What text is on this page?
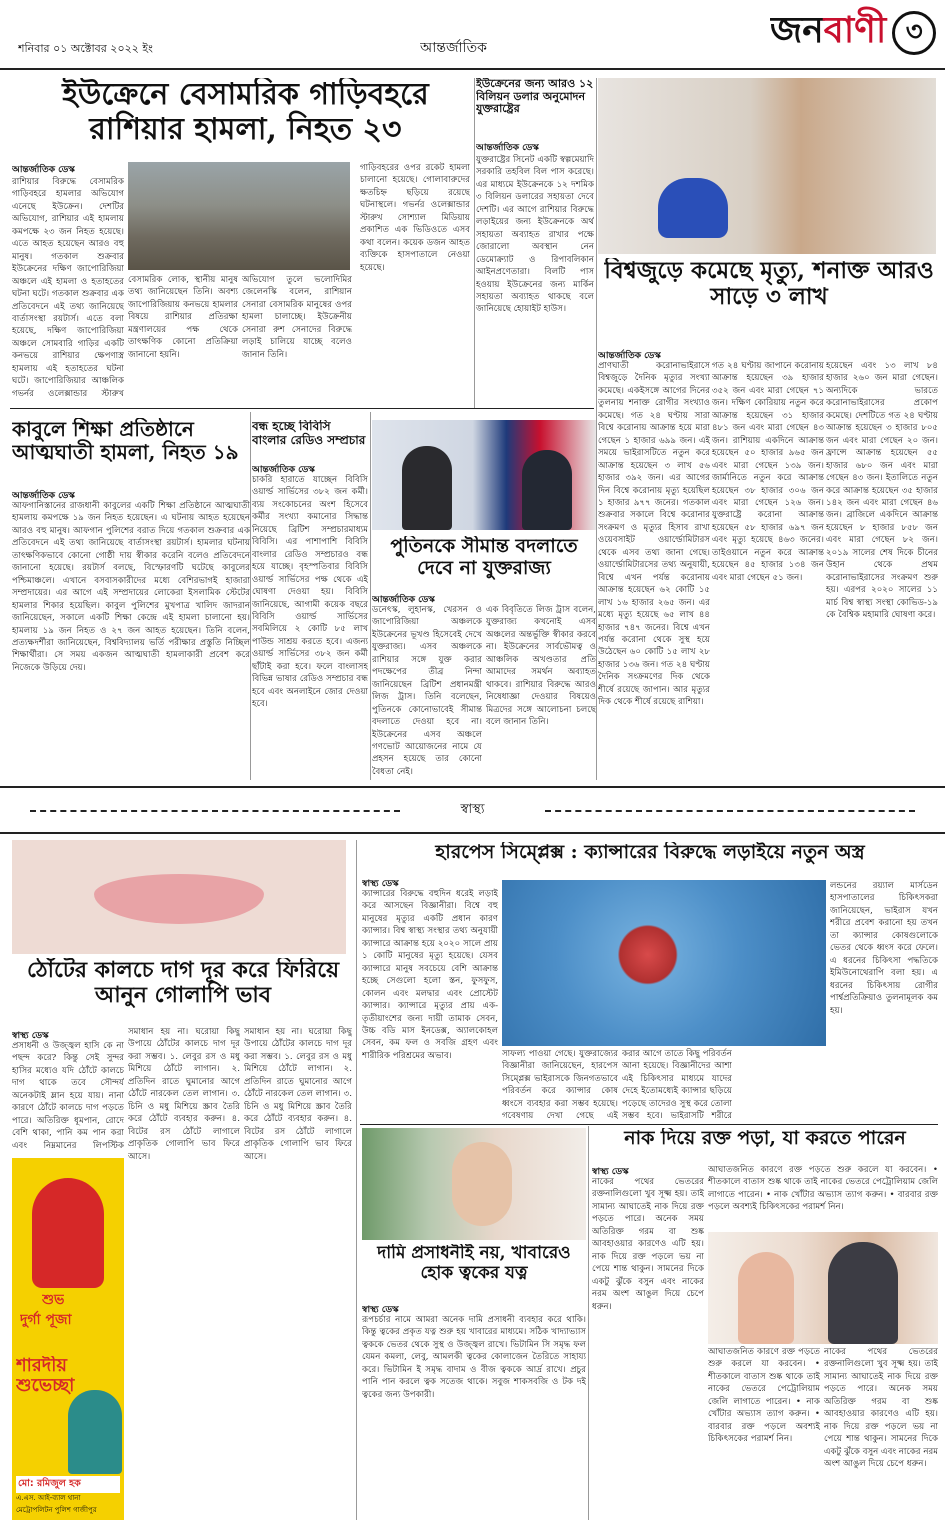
শনিবার ০১ অক্টোবর ২০২২ ইং	আন্তর্জাতিক	জন বাণী ৩
ইউক্রেনে বেসামরিক গাড়িবহরে রাশিয়ার হামলা, নিহত ২৩
আন্তর্জাতিক ডেস্ক
রাশিয়ার বিরুদ্ধে বেসামরিক গাড়িবহরে হামলার অভিযোগ এনেছে ইউক্রেন। দেশটির অভিযোগ, রাশিয়ার এই হামলায় কমপক্ষে ২৩ জন নিহত হয়েছে। এতে আহত হয়েছেন আরও বহু মানুষ। গতকাল শুক্রবার ইউক্রেনের দক্ষিণ জাপোরিজিয়া অঞ্চলে এই হামলা ও হতাহতের ঘটনা ঘটে। গতকাল শুক্রবার এক প্রতিবেদনে এই তথ্য জানিয়েছে বার্তাসংস্থা রয়টার্স। এতে বলা হয়েছে, দক্ষিণ জাপোরিজিয়া অঞ্চলে সোমবারি গাড়ির একটি কনভয়ে রাশিয়ার ক্ষেপণাস্ত্র হামলায় এই হতাহতের ঘটনা ঘটে। জাপোরিজিয়ার আঞ্চলিক গভর্নর ওলেক্সান্ডার স্টারুখ
বেসামরিক লোক, স্থানীয় মানুষ তথ্য জানিয়েছেন তিনি। অবশ্য জাপোরিজিয়ায় কনভয়ে হামলার বিষয়ে রাশিয়ার প্রতিরক্ষা মন্ত্রণালয়ের পক্ষ থেকে তাৎক্ষণিক কোনো প্রতিক্রিয়া জানানো হয়নি।
অভিযোগ তুলে ভলোদিমির জেলেনস্কি বলেন, রাশিয়ান সেনারা বেসামরিক মানুষের ওপর হামলা চালাচ্ছে। ইউক্রেনীয় সেনারা রুশ সেনাদের বিরুদ্ধে লড়াই চালিয়ে যাচ্ছে বলেও জানান তিনি।
গাড়িবহরের ওপর রকেট হামলা চালানো হয়েছে। গোলাবারুদের ক্ষতচিহ্ন ছড়িয়ে রয়েছে ঘটনাস্থলে। গভর্নর ওলেক্সান্ডার স্টারুখ সোশ্যাল মিডিয়ায় প্রকাশিত এক ভিডিওতে এসব কথা বলেন। কয়েক ডজন আহত ব্যক্তিকে হাসপাতালে নেওয়া হয়েছে।
ইউক্রেনের জন্য আরও ১২ বিলিয়ন ডলার অনুমোদন যুক্তরাষ্ট্রের
আন্তর্জাতিক ডেস্ক
যুক্তরাষ্ট্রের সিনেট একটি স্বল্পমেয়াদি সরকারি তহবিল বিল পাস করেছে। এর মাধ্যমে ইউক্রেনকে ১২ দশমিক ৩ বিলিয়ন ডলারের সহায়তা দেবে দেশটি। এর আগে রাশিয়ার বিরুদ্ধে লড়াইয়ের জন্য ইউক্রেনকে অর্থ সহায়তা অব্যাহত রাখার পক্ষে জোরালো অবস্থান নেন ডেমোক্র্যাট ও রিপাবলিকান আইনপ্রণেতারা। বিলটি পাস হওয়ায় ইউক্রেনের জন্য মার্কিন সহায়তা অব্যাহত থাকছে বলে জানিয়েছে হোয়াইট হাউস।
বিশ্বজুড়ে কমেছে মৃত্যু, শনাক্ত আরও সাড়ে ৩ লাখ
আন্তর্জাতিক ডেস্ক
প্রাণঘাতী করোনাভাইরাসে বিশ্বজুড়ে দৈনিক মৃত্যুর সংখ্যা কমেছে। একইসঙ্গে আগের দিনের তুলনায় শনাক্ত রোগীর সংখ্যাও কমেছে। গত ২৪ ঘণ্টায় সারা বিশ্বে করোনায় আক্রান্ত হয়ে মারা গেছেন ১ হাজার ৬৯৯ জন। এই সময়ে ভাইরাসটিতে নতুন করে আক্রান্ত হয়েছেন ৩ লাখ ৫৬ হাজার ৩৯২ জন। এর আগের দিন বিশ্বে করোনায় মৃত্যু হয়েছিল ১ হাজার ৯৭৭ জনের। গতকাল শুক্রবার সকালে বিশ্বে করোনার সংক্রমণ ও মৃত্যুর হিসাব রাখা ওয়েবসাইট ওয়ার্ল্ডোমিটারস থেকে এসব তথ্য জানা গেছে। ওয়ার্ল্ডোমিটারসের তথ্য অনুযায়ী, বিশ্বে এখন পর্যন্ত করোনায় আক্রান্ত হয়েছেন ৬২ কোটি ১৫ লাখ ১৬ হাজার ২৬৫ জন। এর মধ্যে মৃত্যু হয়েছে ৬৫ লাখ ৪৪ হাজার ৭৪৭ জনের। বিশ্বে এখন পর্যন্ত করোনা থেকে সুস্থ হয়ে উঠেছেন ৬০ কোটি ১৫ লাখ ২৮ হাজার ১৩৬ জন। গত ২৪ ঘণ্টায় দৈনিক সংক্রমণের দিক থেকে শীর্ষে রয়েছে জাপান। আর মৃত্যুর দিক থেকে শীর্ষে রয়েছে রাশিয়া।
গত ২৪ ঘণ্টায় জাপানে করোনায় আক্রান্ত হয়েছেন ৩৯ হাজার ৩৫২ জন এবং মারা গেছেন ৭১ জন। দক্ষিণ কোরিয়ায় নতুন করে আক্রান্ত হয়েছেন ৩১ হাজার ৪৮১ জন এবং মারা গেছেন ৪৩ জন। রাশিয়ায় একদিনে আক্রান্ত হয়েছেন ৫০ হাজার ৯৬৫ জন এবং মারা গেছেন ১৩৯ জন। জার্মানিতে নতুন করে আক্রান্ত হয়েছেন ৩৮ হাজার ৩০৬ জন এবং মারা গেছেন ১২৬ জন। যুক্তরাষ্ট্রে করোনা আক্রান্ত হয়েছেন ৫৮ হাজার ৬৯৭ জন এবং মৃত্যু হয়েছে ৪৬৩ জনের। তাইওয়ানে নতুন করে আক্রান্ত হয়েছেন ৪৫ হাজার ১৩৪ জন এবং মারা গেছেন ৫১ জন।
হয়েছেন এবং ১৩ লাখ ৮৪ হাজার ২৬০ জন মারা গেছেন। অন্যদিকে ভারতে করোনাভাইরাসের প্রকোপ কমেছে। দেশটিতে গত ২৪ ঘণ্টায় আক্রান্ত হয়েছেন ৩ হাজার ৮০৫ জন এবং মারা গেছেন ২০ জন। ফ্রান্সে আক্রান্ত হয়েছেন ৫৫ হাজার ৬৮০ জন এবং মারা গেছেন ৪৩ জন। ইতালিতে নতুন করে আক্রান্ত হয়েছেন ৩৫ হাজার ১৪২ জন এবং মারা গেছেন ৪৬ জন। ব্রাজিলে একদিনে আক্রান্ত হয়েছেন ৮ হাজার ৮৫৮ জন এবং মারা গেছেন ৮২ জন। ২০১৯ সালের শেষ দিকে চীনের উহান থেকে প্রথম করোনাভাইরাসের সংক্রমণ শুরু হয়। এরপর ২০২০ সালের ১১ মার্চ বিশ্ব স্বাস্থ্য সংস্থা কোভিড-১৯ কে বৈশ্বিক মহামারি ঘোষণা করে।
কাবুলে শিক্ষা প্রতিষ্ঠানে আত্মঘাতী হামলা, নিহত ১৯
আন্তর্জাতিক ডেস্ক
আফগানিস্তানের রাজধানী কাবুলের একটি শিক্ষা প্রতিষ্ঠানে আত্মঘাতী হামলায় কমপক্ষে ১৯ জন নিহত হয়েছেন। এ ঘটনায় আহত হয়েছেন আরও বহু মানুষ। আফগান পুলিশের বরাত দিয়ে গতকাল শুক্রবার এক প্রতিবেদনে এই তথ্য জানিয়েছে বার্তাসংস্থা রয়টার্স। হামলার ঘটনায় তাৎক্ষণিকভাবে কোনো গোষ্ঠী দায় স্বীকার করেনি বলেও প্রতিবেদনে জানানো হয়েছে। রয়টার্স বলছে, বিস্ফোরণটি ঘটেছে কাবুলের পশ্চিমাঞ্চলে। এখানে বসবাসকারীদের মধ্যে বেশিরভাগই হাজারা সম্প্রদায়ের। এর আগে এই সম্প্রদায়ের লোকেরা ইসলামিক স্টেটের হামলার শিকার হয়েছিল। কাবুল পুলিশের মুখপাত্র খালিদ জাদরান জানিয়েছেন, সকালে একটি শিক্ষা কেন্দ্রে এই হামলা চালানো হয়। হামলায় ১৯ জন নিহত ও ২৭ জন আহত হয়েছেন। তিনি বলেন, প্রত্যক্ষদর্শীরা জানিয়েছেন, বিশ্ববিদ্যালয় ভর্তি পরীক্ষার প্রস্তুতি নিচ্ছিল শিক্ষার্থীরা। সে সময় একজন আত্মঘাতী হামলাকারী প্রবেশ করে নিজেকে উড়িয়ে দেয়।
বন্ধ হচ্ছে বিবিসি বাংলার রেডিও সম্প্রচার
আন্তর্জাতিক ডেস্ক
চাকরি হারাতে যাচ্ছেন বিবিসি ওয়ার্ল্ড সার্ভিসের ৩৮২ জন কর্মী। ব্যয় সংকোচনের অংশ হিসেবে কর্মীর সংখ্যা কমানোর সিদ্ধান্ত নিয়েছে ব্রিটিশ সম্প্রচারমাধ্যম বিবিসি। এর পাশাপাশি বিবিসি বাংলার রেডিও সম্প্রচারও বন্ধ হয়ে যাচ্ছে। বৃহস্পতিবার বিবিসি ওয়ার্ল্ড সার্ভিসের পক্ষ থেকে এই ঘোষণা দেওয়া হয়। বিবিসি জানিয়েছে, আগামী কয়েক বছরে বিবিসি ওয়ার্ল্ড সার্ভিসের সবমিলিয়ে ২ কোটি ৮৫ লাখ পাউন্ড সাশ্রয় করতে হবে। এজন্য ওয়ার্ল্ড সার্ভিসের ৩৮২ জন কর্মী ছাঁটাই করা হবে। ফলে বাংলাসহ বিভিন্ন ভাষার রেডিও সম্প্রচার বন্ধ হবে এবং অনলাইনে জোর দেওয়া হবে।
পুতিনকে সীমান্ত বদলাতে দেবে না যুক্তরাজ্য
আন্তর্জাতিক ডেস্ক
ডনেৎস্ক, লুহানস্ক, খেরসন ও জাপোরিজিয়া অঞ্চলকে ইউক্রেনের ভূখণ্ড হিসেবেই দেখে যুক্তরাজ্য। এসব অঞ্চলকে রাশিয়ার সঙ্গে যুক্ত করার পদক্ষেপের তীব্র নিন্দা জানিয়েছেন ব্রিটিশ প্রধানমন্ত্রী লিজ ট্রাস। তিনি বলেছেন, পুতিনকে কোনোভাবেই সীমান্ত বদলাতে দেওয়া হবে না। ইউক্রেনের এসব অঞ্চলে গণভোট আয়োজনের নামে যে প্রহসন হয়েছে তার কোনো বৈধতা নেই।
এক বিবৃতিতে লিজ ট্রাস বলেন, যুক্তরাজ্য কখনোই এসব অঞ্চলের অন্তর্ভুক্তি স্বীকার করবে না। ইউক্রেনের সার্বভৌমত্ব ও আঞ্চলিক অখণ্ডতার প্রতি আমাদের সমর্থন অব্যাহত থাকবে। রাশিয়ার বিরুদ্ধে আরও নিষেধাজ্ঞা দেওয়ার বিষয়েও মিত্রদের সঙ্গে আলোচনা চলছে বলে জানান তিনি।
স্বাস্থ্য
ঠোঁটের কালচে দাগ দূর করে ফিরিয়ে আনুন গোলাপি ভাব
স্বাস্থ্য ডেস্ক
প্রসাধনী ও উজ্জ্বল হাসি কে না পছন্দ করে? কিন্তু সেই সুন্দর হাসির মধ্যেও যদি ঠোঁটে কালচে দাগ থাকে তবে সৌন্দর্য অনেকটাই ম্লান হয়ে যায়। নানা কারণে ঠোঁটে কালচে দাগ পড়তে পারে। অতিরিক্ত ধূমপান, রোদে বেশি থাকা, পানি কম পান করা এবং নিম্নমানের লিপস্টিক
সমাধান হয় না। ঘরোয়া কিছু উপায়ে ঠোঁটের কালচে দাগ দূর করা সম্ভব। ১. লেবুর রস ও মধু মিশিয়ে ঠোঁটে লাগান। ২. প্রতিদিন রাতে ঘুমানোর আগে ঠোঁটে নারকেল তেল লাগান। ৩. চিনি ও মধু মিশিয়ে স্ক্রাব তৈরি করে ঠোঁটে ব্যবহার করুন। ৪. বিটের রস ঠোঁটে লাগালে প্রাকৃতিক গোলাপি ভাব ফিরে আসে।
সমাধান হয় না। ঘরোয়া কিছু উপায়ে ঠোঁটের কালচে দাগ দূর করা সম্ভব। ১. লেবুর রস ও মধু মিশিয়ে ঠোঁটে লাগান। ২. প্রতিদিন রাতে ঘুমানোর আগে ঠোঁটে নারকেল তেল লাগান। ৩. চিনি ও মধু মিশিয়ে স্ক্রাব তৈরি করে ঠোঁটে ব্যবহার করুন। ৪. বিটের রস ঠোঁটে লাগালে প্রাকৃতিক গোলাপি ভাব ফিরে আসে।
শুভ
দুর্গা পূজা
শারদীয় শুভেচ্ছা
মো: রমিজুল হক
এ.এস. আই-ব্যাল থানা
মেট্রোপলিটন পুলিশ গাজীপুর
হারপেস সিম্প্লেক্স : ক্যান্সারের বিরুদ্ধে লড়াইয়ে নতুন অস্ত্র
স্বাস্থ্য ডেস্ক
ক্যান্সারের বিরুদ্ধে বহুদিন ধরেই লড়াই করে আসছেন বিজ্ঞানীরা। বিশ্বে বহু মানুষের মৃত্যুর একটি প্রধান কারণ ক্যান্সার। বিশ্ব স্বাস্থ্য সংস্থার তথ্য অনুযায়ী ক্যান্সারে আক্রান্ত হয়ে ২০২০ সালে প্রায় ১ কোটি মানুষের মৃত্যু হয়েছে। যেসব ক্যান্সারে মানুষ সবচেয়ে বেশি আক্রান্ত হচ্ছে সেগুলো হলো স্তন, ফুসফুস, কোলন এবং মলদ্বার এবং প্রোস্টেট ক্যান্সার। ক্যান্সারে মৃত্যুর প্রায় এক-তৃতীয়াংশের জন্য দায়ী তামাক সেবন, উচ্চ বডি মাস ইনডেক্স, অ্যালকোহল সেবন, কম ফল ও সবজি গ্রহণ এবং শারীরিক পরিশ্রমের অভাব।	সাফল্য পাওয়া গেছে। যুক্তরাজ্যের বিজ্ঞানীরা জানিয়েছেন, হারপেস সিম্প্লেক্স ভাইরাসকে জিনগতভাবে পরিবর্তন করে ক্যান্সার কোষ ধ্বংসে ব্যবহার করা সম্ভব হয়েছে। গবেষণায় দেখা গেছে এই
করার আগে তাতে কিছু পরিবর্তন আনা হয়েছে। বিজ্ঞানীদের আশা এই চিকিৎসার মাধ্যমে যাদের দেহে ইতোমধ্যেই ক্যান্সার ছড়িয়ে পড়েছে তাদেরও সুস্থ করে তোলা সম্ভব হবে। ভাইরাসটি শরীরে
লন্ডনের রয়্যাল মার্সডেন হাসপাতালের চিকিৎসকরা জানিয়েছেন, ভাইরাস যখন শরীরে প্রবেশ করানো হয় তখন তা ক্যান্সার কোষগুলোকে ভেতর থেকে ধ্বংস করে ফেলে। এ ধরনের চিকিৎসা পদ্ধতিকে ইমিউনোথেরাপি বলা হয়। এ ধরনের চিকিৎসায় রোগীর পার্শ্বপ্রতিক্রিয়াও তুলনামূলক কম হয়।
দামি প্রসাধনীই নয়, খাবারেও হোক ত্বকের যত্ন
স্বাস্থ্য ডেস্ক
রূপচর্চার নামে আমরা অনেক দামি প্রসাধনী ব্যবহার করে থাকি। কিন্তু ত্বকের প্রকৃত যত্ন শুরু হয় খাবারের মাধ্যমে। সঠিক খাদ্যাভ্যাস ত্বককে ভেতর থেকে সুস্থ ও উজ্জ্বল রাখে। ভিটামিন সি সমৃদ্ধ ফল যেমন কমলা, লেবু, আমলকী ত্বকের কোলাজেন তৈরিতে সাহায্য করে। ভিটামিন ই সমৃদ্ধ বাদাম ও বীজ ত্বককে আর্দ্র রাখে। প্রচুর পানি পান করলে ত্বক সতেজ থাকে। সবুজ শাকসবজি ও টক দই ত্বকের জন্য উপকারী।
নাক দিয়ে রক্ত পড়া, যা করতে পারেন
স্বাস্থ্য ডেস্ক
নাকের পথের ভেতরের রক্তনালিগুলো খুব সূক্ষ্ম হয়। তাই সামান্য আঘাতেই নাক দিয়ে রক্ত পড়তে পারে। অনেক সময় অতিরিক্ত গরম বা শুষ্ক আবহাওয়ার কারণেও এটি হয়। নাক দিয়ে রক্ত পড়লে ভয় না পেয়ে শান্ত থাকুন। সামনের দিকে একটু ঝুঁকে বসুন এবং নাকের নরম অংশ আঙুল দিয়ে চেপে ধরুন।
আঘাতজনিত কারণে রক্ত পড়তে শুরু করলে যা করবেন। • শীতকালে বাতাস শুষ্ক থাকে তাই নাকের ভেতরে পেট্রোলিয়াম জেলি লাগাতে পারেন। • নাক খোঁটার অভ্যাস ত্যাগ করুন। • বারবার রক্ত পড়লে অবশ্যই চিকিৎসকের পরামর্শ নিন।
আঘাতজনিত কারণে রক্ত পড়তে শুরু করলে যা করবেন। • শীতকালে বাতাস শুষ্ক থাকে তাই নাকের ভেতরে পেট্রোলিয়াম জেলি লাগাতে পারেন। • নাক খোঁটার অভ্যাস ত্যাগ করুন। • বারবার রক্ত পড়লে অবশ্যই চিকিৎসকের পরামর্শ নিন।
নাকের পথের ভেতরের রক্তনালিগুলো খুব সূক্ষ্ম হয়। তাই সামান্য আঘাতেই নাক দিয়ে রক্ত পড়তে পারে। অনেক সময় অতিরিক্ত গরম বা শুষ্ক আবহাওয়ার কারণেও এটি হয়। নাক দিয়ে রক্ত পড়লে ভয় না পেয়ে শান্ত থাকুন। সামনের দিকে একটু ঝুঁকে বসুন এবং নাকের নরম অংশ আঙুল দিয়ে চেপে ধরুন।
